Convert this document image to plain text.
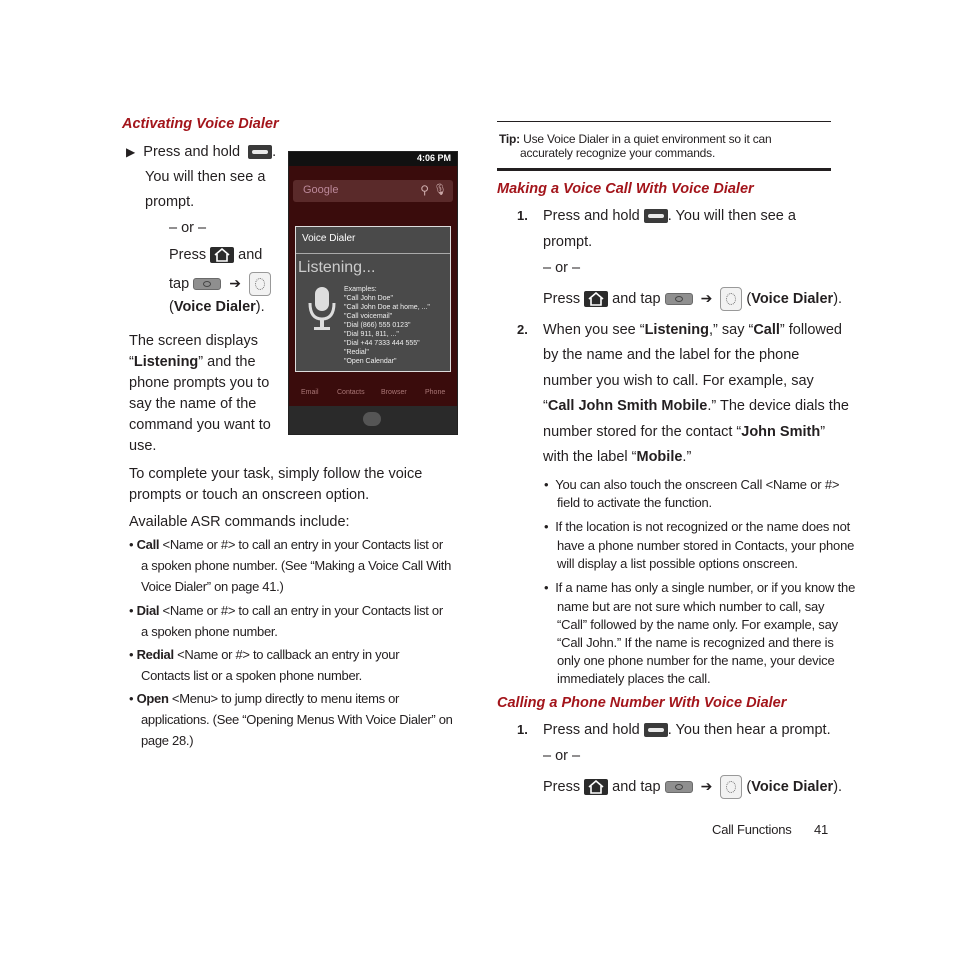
Activating Voice Dialer
▶ Press and hold .
You will then see a
prompt.
– or –
Press and
tap	➔
(Voice Dialer).
The screen displays
“Listening” and the
phone prompts you to
say the name of the
command you want to
use.
4:06 PM
Google	⚲ 🎙
Voice Dialer
Listening...
Examples:
"Call John Doe"
"Call John Doe at home, ..."
"Call voicemail"
"Dial (866) 555 0123"
"Dial 911, 811, ..."
"Dial +44 7333 444 555"
"Redial"
"Open Calendar"
Email	Contacts Browser	Phone
To complete your task, simply follow the voice
prompts or touch an onscreen option.
Available ASR commands include:
• Call <Name or #> to call an entry in your Contacts list or
a spoken phone number. (See “Making a Voice Call With
Voice Dialer” on page 41.)
• Dial <Name or #> to call an entry in your Contacts list or
a spoken phone number.
• Redial <Name or #> to callback an entry in your
Contacts list or a spoken phone number.
• Open <Menu> to jump directly to menu items or
applications. (See “Opening Menus With Voice Dialer” on
page 28.)
Tip: Use Voice Dialer in a quiet environment so it can
accurately recognize your commands.
Making a Voice Call With Voice Dialer
1. Press and hold . You will then see a
prompt.
– or –
Press and tap	➔ (Voice Dialer).
2. When you see “Listening,” say “Call” followed
by the name and the label for the phone
number you wish to call. For example, say
“Call John Smith Mobile.” The device dials the
number stored for the contact “John Smith”
with the label “Mobile.”
•  You can also touch the onscreen Call <Name or #>
field to activate the function.
•  If the location is not recognized or the name does not
have a phone number stored in Contacts, your phone
will display a list possible options onscreen.
•  If a name has only a single number, or if you know the
name but are not sure which number to call, say
“Call” followed by the name only. For example, say
“Call John.” If the name is recognized and there is
only one phone number for the name, your device
immediately places the call.
Calling a Phone Number With Voice Dialer
1. Press and hold . You then hear a prompt.
– or –
Press and tap	➔ (Voice Dialer).
Call Functions 41
